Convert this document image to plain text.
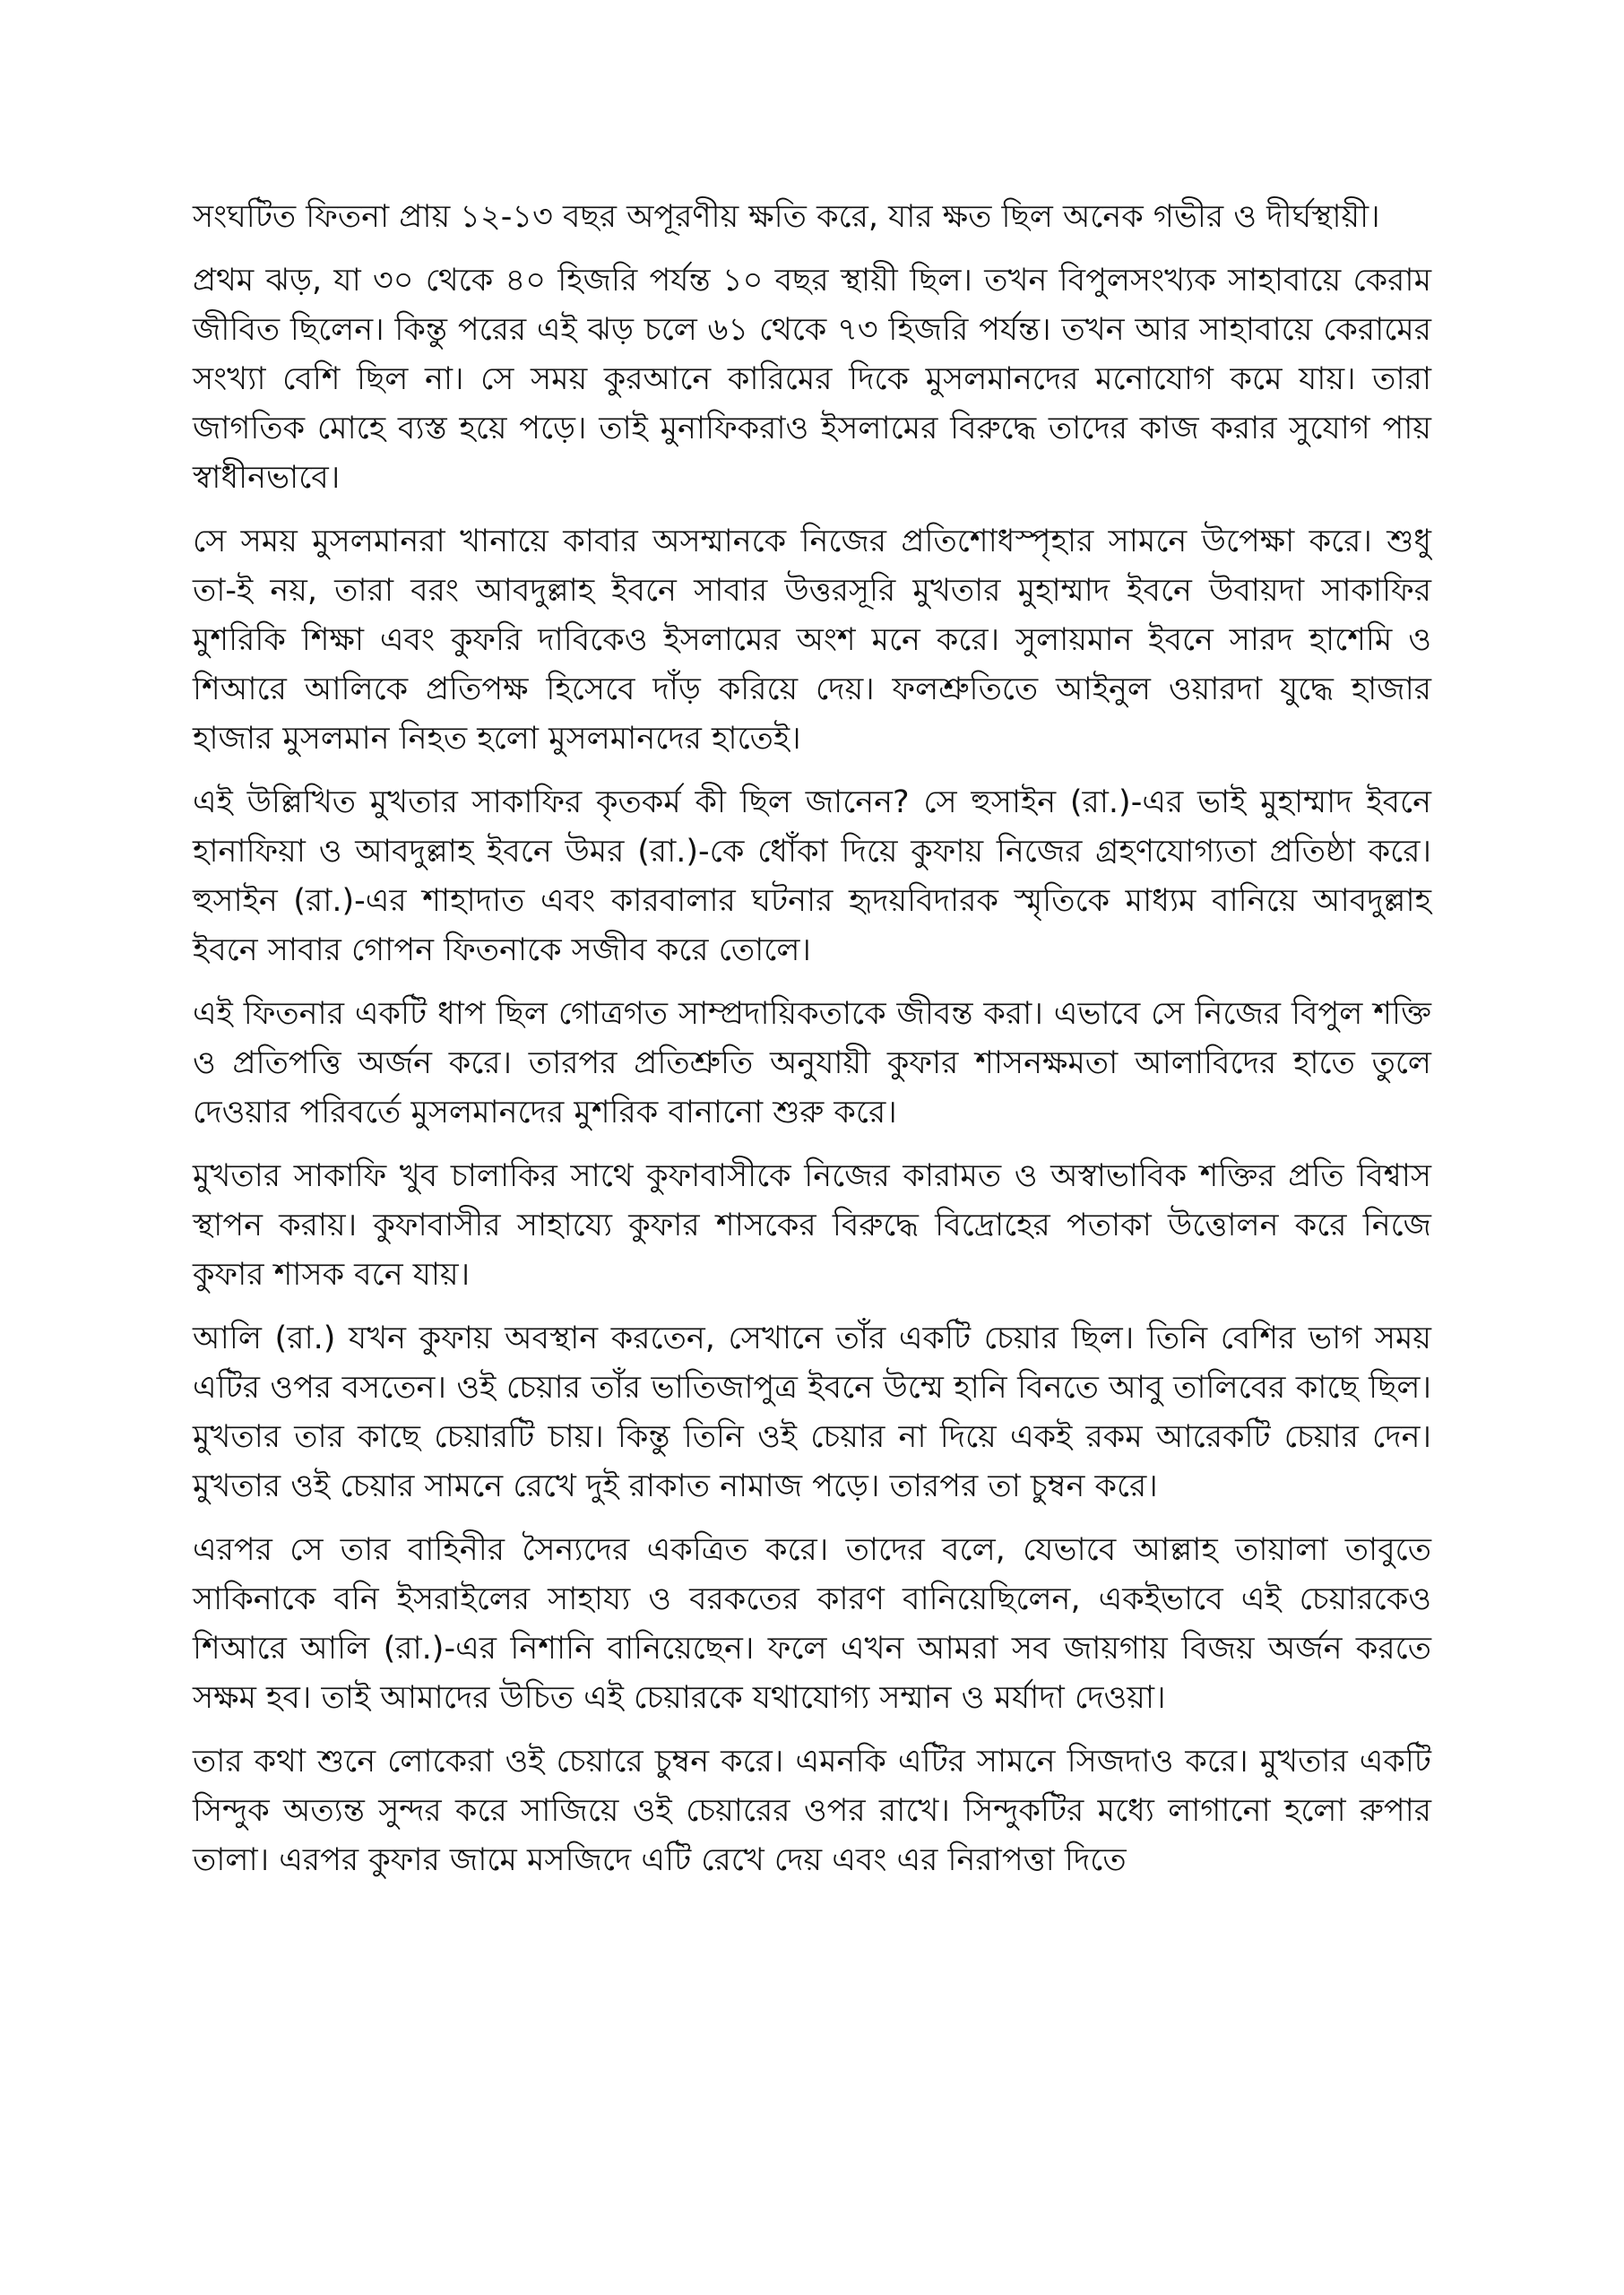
সংঘটিত ফিতনা প্রায় ১২-১৩ বছর অপূরণীয় ক্ষতি করে, যার ক্ষত ছিল অনেক গভীর ও দীর্ঘস্থায়ী।

প্রথম ঝড়, যা ৩০ থেকে ৪০ হিজরি পর্যন্ত ১০ বছর স্থায়ী ছিল। তখন বিপুলসংখ্যক সাহাবায়ে কেরাম জীবিত ছিলেন। কিন্তু পরের এই ঝড় চলে ৬১ থেকে ৭৩ হিজরি পর্যন্ত। তখন আর সাহাবায়ে কেরামের সংখ্যা বেশি ছিল না। সে সময় কুরআনে কারিমের দিকে মুসলমানদের মনোযোগ কমে যায়। তারা জাগতিক মোহে ব্যস্ত হয়ে পড়ে। তাই মুনাফিকরাও ইসলামের বিরুদ্ধে তাদের কাজ করার সুযোগ পায় স্বাধীনভাবে।

সে সময় মুসলমানরা খানায়ে কাবার অসম্মানকে নিজের প্রতিশোধস্পৃহার সামনে উপেক্ষা করে। শুধু তা-ই নয়, তারা বরং আবদুল্লাহ ইবনে সাবার উত্তরসূরি মুখতার মুহাম্মাদ ইবনে উবায়দা সাকাফির মুশরিকি শিক্ষা এবং কুফরি দাবিকেও ইসলামের অংশ মনে করে। সুলায়মান ইবনে সারদ হাশেমি ও শিআরে আলিকে প্রতিপক্ষ হিসেবে দাঁড় করিয়ে দেয়। ফলশ্রুতিতে আইনুল ওয়ারদা যুদ্ধে হাজার হাজার মুসলমান নিহত হলো মুসলমানদের হাতেই।

এই উল্লিখিত মুখতার সাকাফির কৃতকর্ম কী ছিল জানেন? সে হুসাইন (রা.)-এর ভাই মুহাম্মাদ ইবনে হানাফিয়া ও আবদুল্লাহ ইবনে উমর (রা.)-কে ধোঁকা দিয়ে কুফায় নিজের গ্রহণযোগ্যতা প্রতিষ্ঠা করে। হুসাইন (রা.)-এর শাহাদাত এবং কারবালার ঘটনার হৃদয়বিদারক স্মৃতিকে মাধ্যম বানিয়ে আবদুল্লাহ ইবনে সাবার গোপন ফিতনাকে সজীব করে তোলে।

এই ফিতনার একটি ধাপ ছিল গোত্রগত সাম্প্রদায়িকতাকে জীবন্ত করা। এভাবে সে নিজের বিপুল শক্তি ও প্রতিপত্তি অর্জন করে। তারপর প্রতিশ্রুতি অনুযায়ী কুফার শাসনক্ষমতা আলাবিদের হাতে তুলে দেওয়ার পরিবর্তে মুসলমানদের মুশরিক বানানো শুরু করে।

মুখতার সাকাফি খুব চালাকির সাথে কুফাবাসীকে নিজের কারামত ও অস্বাভাবিক শক্তির প্রতি বিশ্বাস স্থাপন করায়। কুফাবাসীর সাহায্যে কুফার শাসকের বিরুদ্ধে বিদ্রোহের পতাকা উত্তোলন করে নিজে কুফার শাসক বনে যায়।

আলি (রা.) যখন কুফায় অবস্থান করতেন, সেখানে তাঁর একটি চেয়ার ছিল। তিনি বেশির ভাগ সময় এটির ওপর বসতেন। ওই চেয়ার তাঁর ভাতিজাপুত্র ইবনে উম্মে হানি বিনতে আবু তালিবের কাছে ছিল। মুখতার তার কাছে চেয়ারটি চায়। কিন্তু তিনি ওই চেয়ার না দিয়ে একই রকম আরেকটি চেয়ার দেন। মুখতার ওই চেয়ার সামনে রেখে দুই রাকাত নামাজ পড়ে। তারপর তা চুম্বন করে।

এরপর সে তার বাহিনীর সৈন্যদের একত্রিত করে। তাদের বলে, যেভাবে আল্লাহ তায়ালা তাবুতে সাকিনাকে বনি ইসরাইলের সাহায্য ও বরকতের কারণ বানিয়েছিলেন, একইভাবে এই চেয়ারকেও শিআরে আলি (রা.)-এর নিশানি বানিয়েছেন। ফলে এখন আমরা সব জায়গায় বিজয় অর্জন করতে সক্ষম হব। তাই আমাদের উচিত এই চেয়ারকে যথাযোগ্য সম্মান ও মর্যাদা দেওয়া।

তার কথা শুনে লোকেরা ওই চেয়ারে চুম্বন করে। এমনকি এটির সামনে সিজদাও করে। মুখতার একটি সিন্দুক অত্যন্ত সুন্দর করে সাজিয়ে ওই চেয়ারের ওপর রাখে। সিন্দুকটির মধ্যে লাগানো হলো রুপার তালা। এরপর কুফার জামে মসজিদে এটি রেখে দেয় এবং এর নিরাপত্তা দিতে
